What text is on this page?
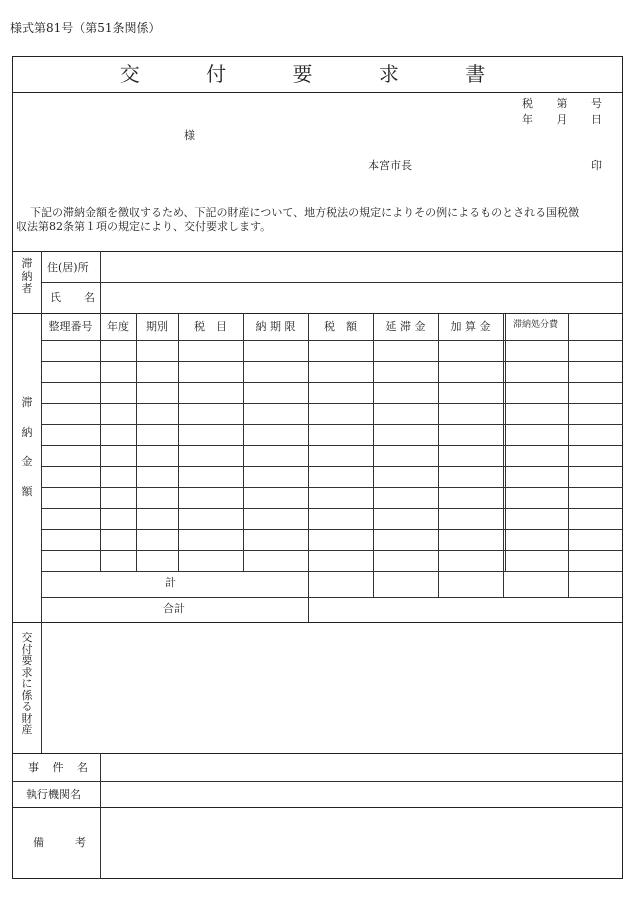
様式第81号（第51条関係）
交 付 要 求 書
税 第 号
年 月 日
様
本宮市長	印
下記の滞納金額を徴収するため、下記の財産について、地方税法の規定によりその例によるものとされる国税徴
収法第82条第１項の規定により、交付要求します。
滞納者
住(居)所
氏　名
滞納金額
整理番号	年度	期別	税　目	納 期 限	税　額	延 滞 金	加 算 金	滞納処分費
計
合計
交付要求に係る財産
事 件 名
執行機関名
備　考
